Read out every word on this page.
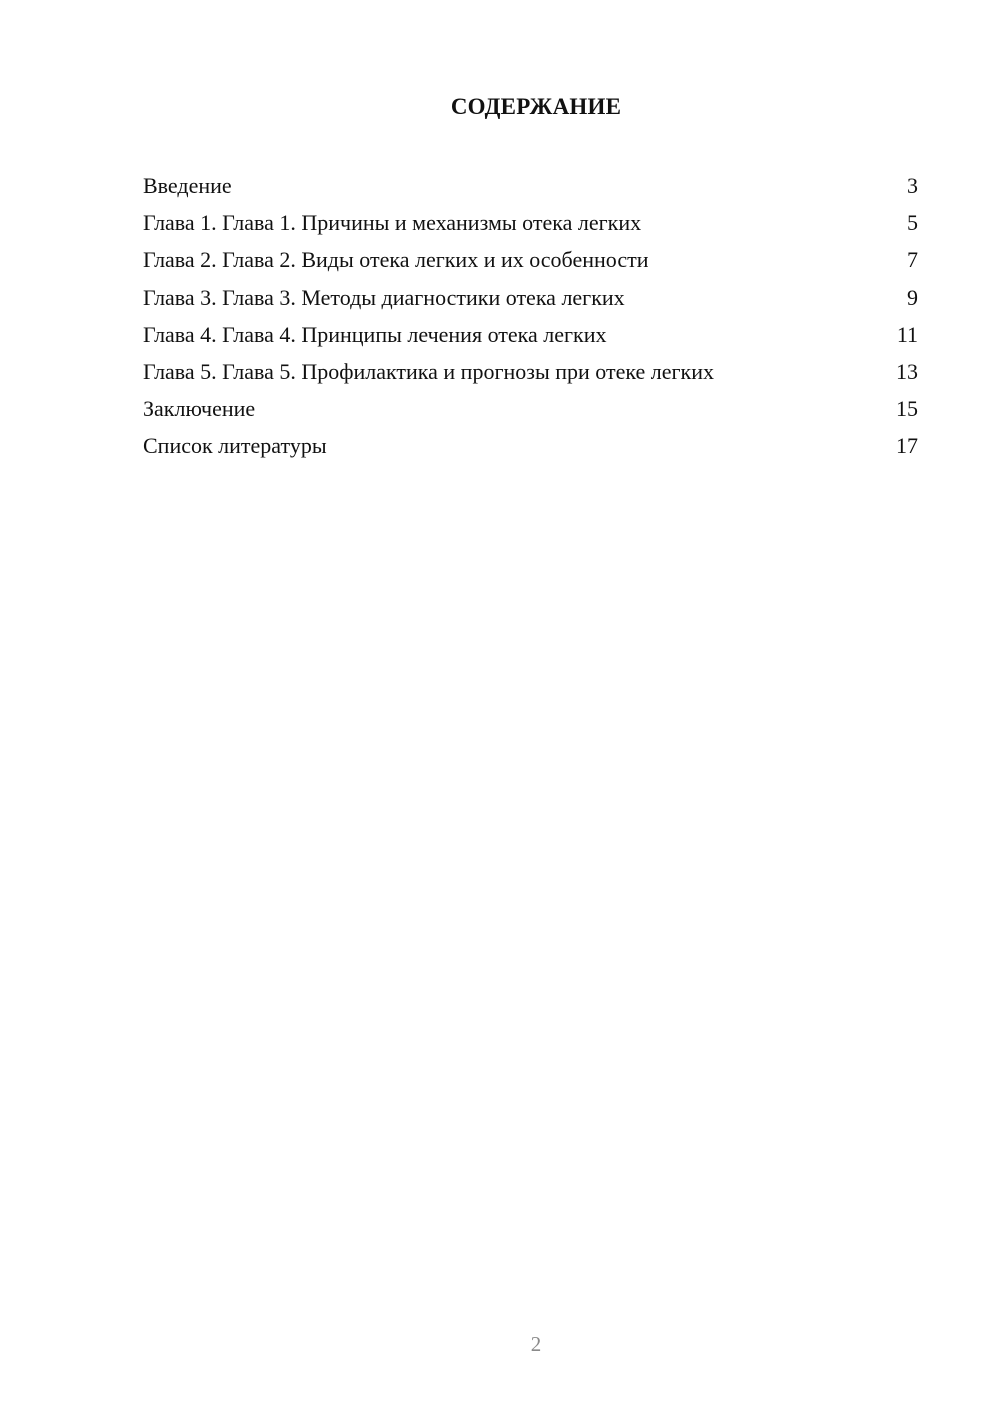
СОДЕРЖАНИЕ
Введение	3
Глава 1. Глава 1. Причины и механизмы отека легких	5
Глава 2. Глава 2. Виды отека легких и их особенности	7
Глава 3. Глава 3. Методы диагностики отека легких	9
Глава 4. Глава 4. Принципы лечения отека легких	11
Глава 5. Глава 5. Профилактика и прогнозы при отеке легких	13
Заключение	15
Список литературы	17
2
